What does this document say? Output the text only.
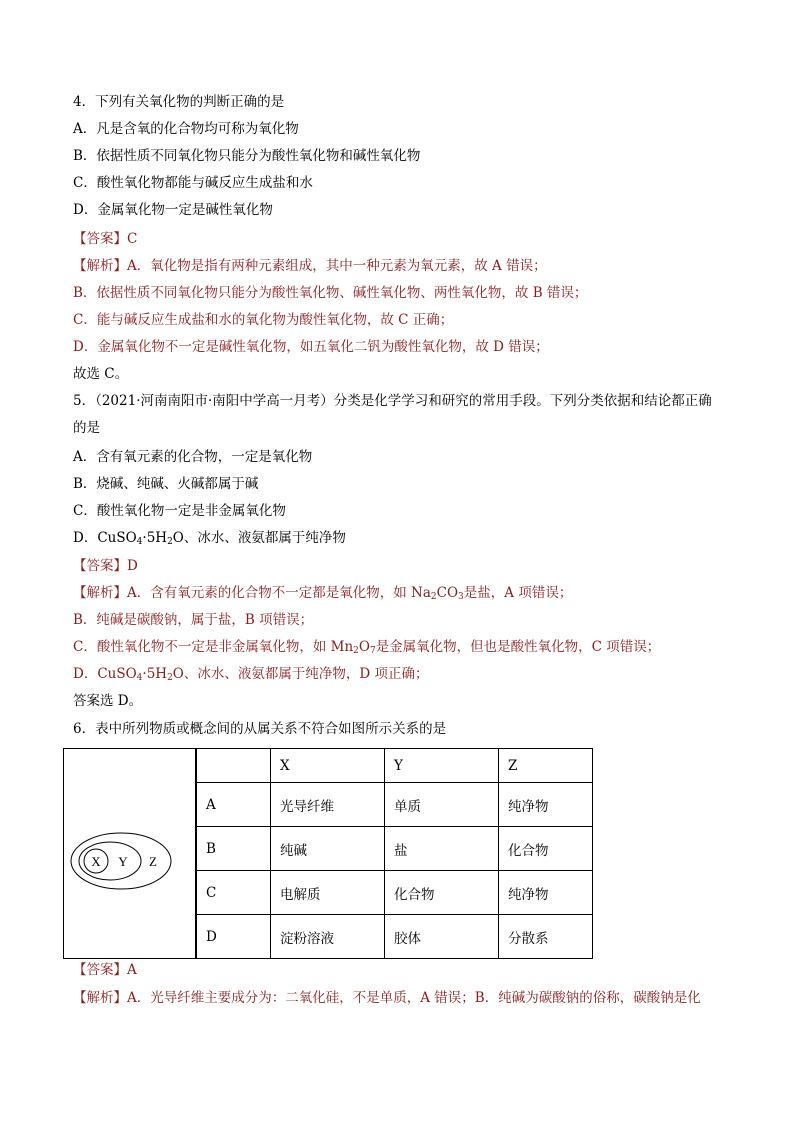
4．下列有关氧化物的判断正确的是
A．凡是含氧的化合物均可称为氧化物
B．依据性质不同氧化物只能分为酸性氧化物和碱性氧化物
C．酸性氧化物都能与碱反应生成盐和水
D．金属氧化物一定是碱性氧化物
【答案】C
【解析】A．氧化物是指有两种元素组成，其中一种元素为氧元素，故 A 错误；
B．依据性质不同氧化物只能分为酸性氧化物、碱性氧化物、两性氧化物，故 B 错误；
C．能与碱反应生成盐和水的氧化物为酸性氧化物，故 C 正确；
D．金属氧化物不一定是碱性氧化物，如五氧化二钒为酸性氧化物，故 D 错误；
故选 C。
5．（2021·河南南阳市·南阳中学高一月考）分类是化学学习和研究的常用手段。下列分类依据和结论都正确
的是
A．含有氧元素的化合物，一定是氧化物
B．烧碱、纯碱、火碱都属于碱
C．酸性氧化物一定是非金属氧化物
D．$CuSO_4\cdot 5H_2O$、冰水、液氨都属于纯净物
【答案】D
【解析】A．含有氧元素的化合物不一定都是氧化物，如 $Na_2CO_3$是盐，A 项错误；
B．纯碱是碳酸钠，属于盐，B 项错误；
C．酸性氧化物不一定是非金属氧化物，如 $Mn_2O_7$是金属氧化物，但也是酸性氧化物，C 项错误；
D．$CuSO_4\cdot 5H_2O$、冰水、液氨都属于纯净物，D 项正确；
答案选 D。
6．表中所列物质或概念间的从属关系不符合如图所示关系的是
X Y Z
	X	Y	Z
A	光导纤维	单质	纯净物
B	纯碱	盐	化合物
C	电解质	化合物	纯净物
D	淀粉溶液	胶体	分散系
【答案】A
【解析】A．光导纤维主要成分为：二氧化硅，不是单质，A 错误；B．纯碱为碳酸钠的俗称，碳酸钠是化
